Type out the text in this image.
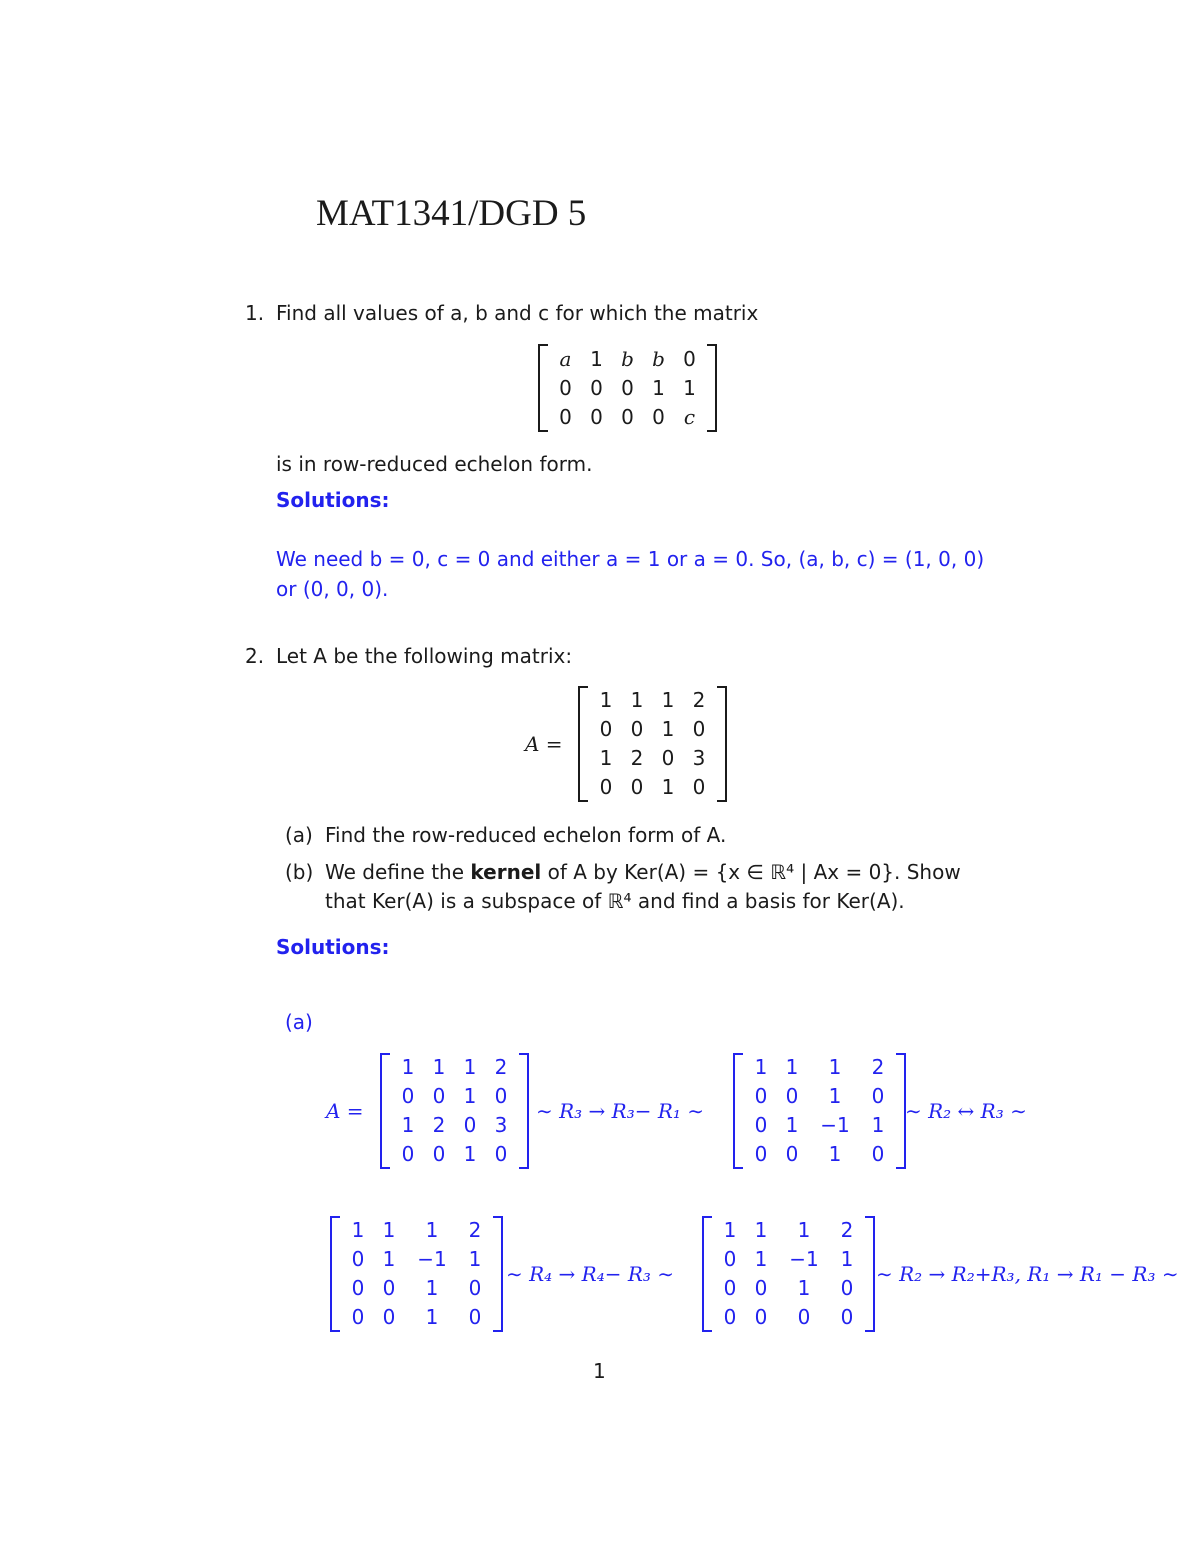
MAT1341/DGD 5
1. Find all values of a, b and c for which the matrix
a 1 b b 0
0 0 0 1 1
0 0 0 0 c
is in row-reduced echelon form.
Solutions:
We need b = 0, c = 0 and either a = 1 or a = 0. So, (a, b, c) = (1, 0, 0)
or (0, 0, 0).
2. Let A be the following matrix:
A =
1 1 1 2
0 0 1 0
1 2 0 3
0 0 1 0
(a) Find the row-reduced echelon form of A.
(b) We define the kernel of A by Ker(A) = {x ∈ ℝ⁴ | Ax = 0}. Show
that Ker(A) is a subspace of ℝ⁴ and find a basis for Ker(A).
Solutions:
(a)
A =
1 1 1 2
0 0 1 0
1 2 0 3
0 0 1 0
∼ R₃ → R₃− R₁ ∼
1 1	1	2
0 0	1	0
0 1 −1 1
0 0	1	0
∼ R₂ ↔ R₃ ∼
1 1	1	2
0 1 −1 1
0 0	1	0
0 0	1	0
∼ R₄ → R₄− R₃ ∼
1 1	1	2
0 1 −1 1
0 0	1	0
0 0	0	0
∼ R₂ → R₂+R₃, R₁ → R₁ − R₃ ∼
1
